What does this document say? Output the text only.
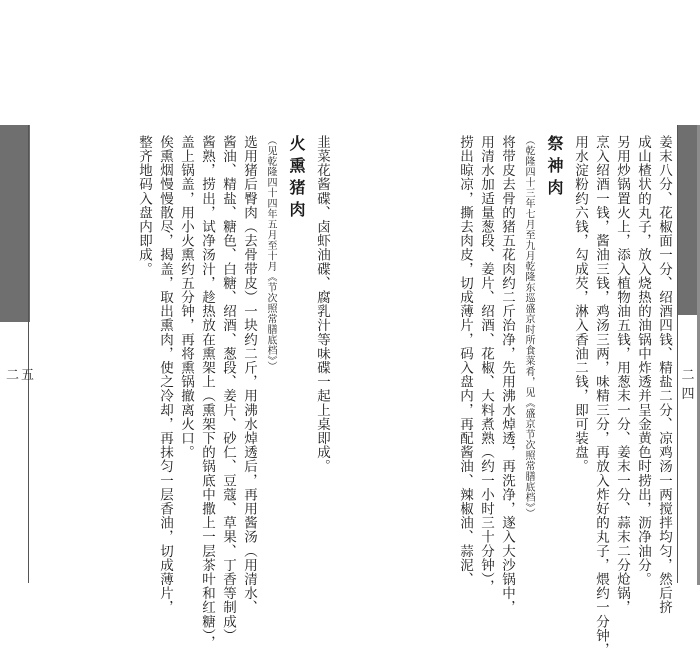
二五	二四
韭菜花酱碟、卤虾油碟、腐乳汁等味碟一起上桌即成。
火熏猪肉
（见乾隆四十四年五月至十月《节次照常膳底档》）
选用猪后臀肉（去骨带皮）一块约二斤，用沸水焯透后，再用酱汤（用清水、
酱油、精盐、糖色、白糖、绍酒、葱段、姜片、砂仁、豆蔻、草果、丁香等制成）
酱熟，捞出，试净汤汁，趁热放在熏架上（熏架下的锅底中撒上一层茶叶和红糖），
盖上锅盖，用小火熏约五分钟，再将熏锅撤离火口。
俟熏烟慢慢散尽，揭盖，取出熏肉，使之冷却，再抹匀一层香油，切成薄片，
整齐地码入盘内即成。	姜末八分、花椒面一分、绍酒四钱、精盐二分、凉鸡汤一两搅拌均匀，然后挤
成山楂状的丸子，放入烧热的油锅中炸透并呈金黄色时捞出，沥净油分。
另用炒锅置火上，添入植物油五钱，用葱末一分、姜末一分、蒜末二分炝锅，
烹入绍酒一钱，酱油三钱，鸡汤三两，味精三分，再放入炸好的丸子，煨约一分钟，
用水淀粉约六钱，勾成芡，淋入香油二钱，即可装盘。
祭神肉
（乾隆四十三年七月至九月乾隆东巡盛京时所食菜肴，见《盛京节次照常膳底档》）
将带皮去骨的猪五花肉约二斤治净，先用沸水焯透，再洗净，遂入大沙锅中，
用清水加适量葱段、姜片、绍酒、花椒、大料煮熟（约一小时三十分钟），
捞出晾凉，撕去肉皮，切成薄片，码入盘内，再配酱油、辣椒油、蒜泥、
